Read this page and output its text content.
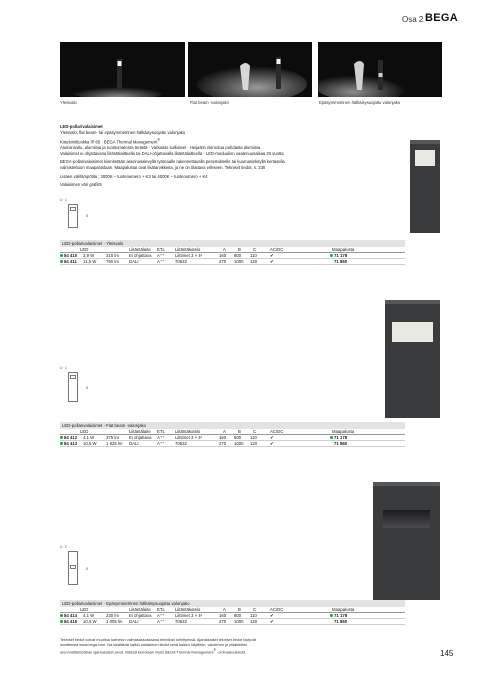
Osa 2 BEGA
Yleisvalo	Flat beam -valonjako	Epäsymmetrinen hälkäisysuojattu valonjako

LED-pollarivalaisimet

Yleisvalo, flat beam- tai epäsymmetrinen hälkäisysuojattu valonjako

Kotelointiluokka IP 65 · BEGA Thermal Management®

Alumiinivalu, alumiinia ja ruostumatonta terästä · Varkaisto sulkuteel · Heijastin ekirootua puhdasta alumiinia

Valaisimet ei ohjattavana liitäntälaitteella tai DALI-ohjattavalla liitäntälaitteella · LED-moduulien vaatenuusaikaa 20 vuotta

BEGA-pollarivalaisimet kiinnitetään asennusalevyllä tyämaalle rakennettavalle perustukselle tai kuumasinkityllä kertasella valmistettuun maapalustaan. Maapalustat ovat lisätarvikkeita, ja ne on tilattava erikseen. Tekniset tiedot, s. 230

Lisäen värilämpötila : 3000K – tuotenumero + K3 tai 4000K – tuotenumero + K4

Valaisimen väri grafiitti

A · C
B
LED-pollarivalaisimet · Yleisvalo
LED	Liitäntälaite ETL Liitäntäkotelo	A	B	C	AC/DC	Maapalusta
84 410 3,9 W	310 lm Ei ohjattava A⁺⁺ Liittimet 3 × 4²	160 800 110	✔	71 178
84 411 11,5 W 790 lm DALI	A⁺⁺ 70632	270 1000 120	✔	71 860
A · C
B
LED-pollarivalaisimet · Flat beam -valonjako
LED	Liitäntälaite ETL Liitäntäkotelo	A	B	C	AC/DC	Maapalusta
84 412 4,1 W	375 lm Ei ohjattava A⁺⁺ Liittimet 3 × 4²	160 800 110	✔	71 178
84 413 10,5 W 1 825 lm DALI	A⁺⁺ 70632	270 1000 120	✔	71 860
A · C
B
LED-pollarivalaisimet · Epäsymmetrinen hälkäisysuojattu valonjako
LED	Liitäntälaite ETL Liitäntäkotelo	A	B	C	AC/DC	Maapalusta
84 414 4,1 W	230 lm Ei ohjattava A⁺⁺ Liittimet 3 × 4²	160 800 110	✔	71 178
84 415 10,5 W 1 005 lm DALI	A⁺⁺ 70632	270 1000 120	✔	71 860

Tekniset tiedot voivat muuttua karheion valmasassuskaana tekniikan kehittyessä. Ajantasaiset tekniset tiedot löytyvät

osoitteesta www.bega.com. Na sisältävät kaikki valaisimen tiedot sekä kaiken käyttöön, valotehon ja yhtäkieltön

arennnältämpötilan ajantasaiset arvot. Näissä kerrotaan myös BEGA Thermal Management® -ominaisuuksista.	145
